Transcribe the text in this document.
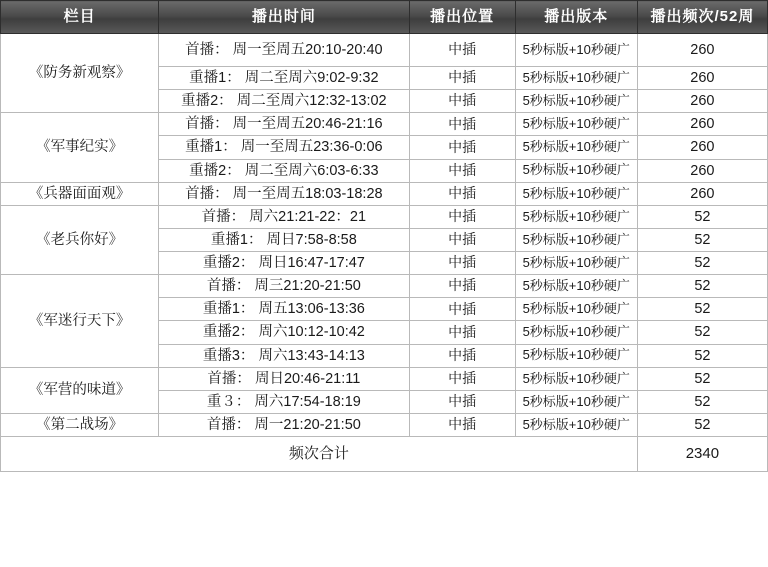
栏目	播出时间	播出位置	播出版本	播出频次/52周
《防务新观察》	首播： 周一至周五20:10-20:40	中插	5秒标版+10秒硬广	260
	重播1： 周二至周六9:02-9:32	中插	5秒标版+10秒硬广	260
	重播2： 周二至周六12:32-13:02	中插	5秒标版+10秒硬广	260
《军事纪实》	首播： 周一至周五20:46-21:16	中插	5秒标版+10秒硬广	260
	重播1： 周一至周五23:36-0:06	中插	5秒标版+10秒硬广	260
	重播2： 周二至周六6:03-6:33	中插	5秒标版+10秒硬广	260
《兵器面面观》	首播： 周一至周五18:03-18:28	中插	5秒标版+10秒硬广	260
《老兵你好》	首播： 周六21:21-22：21	中插	5秒标版+10秒硬广	52
	重播1： 周日7:58-8:58	中插	5秒标版+10秒硬广	52
	重播2： 周日16:47-17:47	中插	5秒标版+10秒硬广	52
《军迷行天下》	首播： 周三21:20-21:50	中插	5秒标版+10秒硬广	52
	重播1： 周五13:06-13:36	中插	5秒标版+10秒硬广	52
	重播2： 周六10:12-10:42	中插	5秒标版+10秒硬广	52
	重播3： 周六13:43-14:13	中插	5秒标版+10秒硬广	52
《军营的味道》	首播： 周日20:46-21:11	中插	5秒标版+10秒硬广	52
	重３： 周六17:54-18:19	中插	5秒标版+10秒硬广	52
《第二战场》	首播： 周一21:20-21:50	中插	5秒标版+10秒硬广	52
频次合计				2340
